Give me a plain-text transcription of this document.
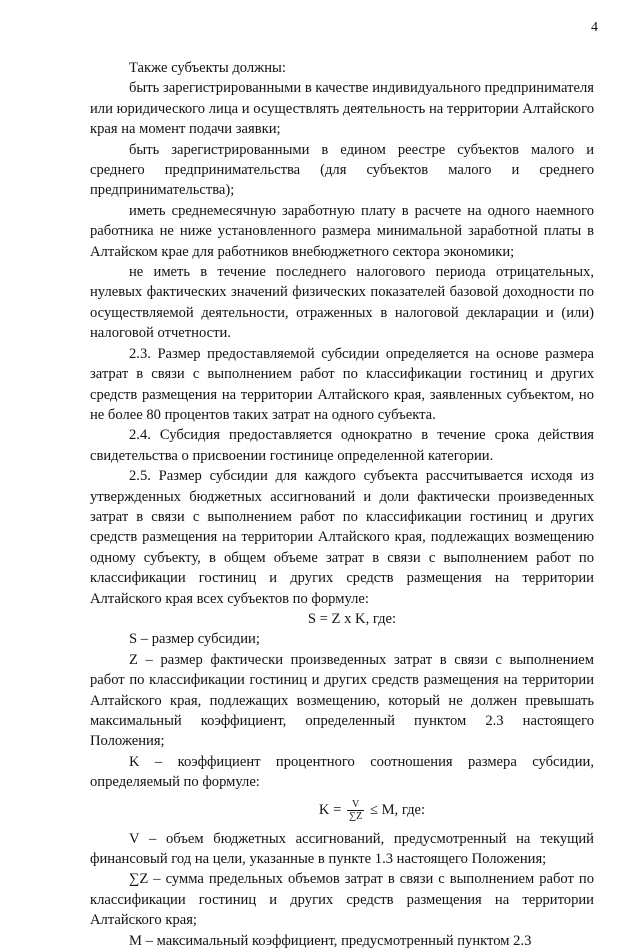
4

Также субъекты должны:

быть зарегистрированными в качестве индивидуального предпринимателя или юридического лица и осуществлять деятельность на территории Алтайского края на момент подачи заявки;

быть зарегистрированными в едином реестре субъектов малого и среднего предпринимательства (для субъектов малого и среднего предпринимательства);

иметь среднемесячную заработную плату в расчете на одного наемного работника не ниже установленного размера минимальной заработной платы в Алтайском крае для работников внебюджетного сектора экономики;

не иметь в течение последнего налогового периода отрицательных, нулевых фактических значений физических показателей базовой доходности по осуществляемой деятельности, отраженных в налоговой декларации и (или) налоговой отчетности.

2.3. Размер предоставляемой субсидии определяется на основе размера затрат в связи с выполнением работ по классификации гостиниц и других средств размещения на территории Алтайского края, заявленных субъектом, но не более 80 процентов таких затрат на одного субъекта.

2.4. Субсидия предоставляется однократно в течение срока действия свидетельства о присвоении гостинице определенной категории.

2.5. Размер субсидии для каждого субъекта рассчитывается исходя из утвержденных бюджетных ассигнований и доли фактически произведенных затрат в связи с выполнением работ по классификации гостиниц и других средств размещения на территории Алтайского края, подлежащих возмещению одному субъекту, в общем объеме затрат в связи с выполнением работ по классификации гостиниц и других средств размещения на территории Алтайского края всех субъектов по формуле:

S = Z x K, где:

S – размер субсидии;

Z – размер фактически произведенных затрат в связи с выполнением работ по классификации гостиниц и других средств размещения на территории Алтайского края, подлежащих возмещению, который не должен превышать максимальный коэффициент, определенный пунктом 2.3 настоящего Положения;

K – коэффициент процентного соотношения размера субсидии, определяемый по формуле:

$K = \frac{V}{\sum Z} \le M$, где:

V – объем бюджетных ассигнований, предусмотренный на текущий финансовый год на цели, указанные в пункте 1.3 настоящего Положения;

∑Z – сумма предельных объемов затрат в связи с выполнением работ по классификации гостиниц и других средств размещения на территории Алтайского края;

M – максимальный коэффициент, предусмотренный пунктом 2.3
